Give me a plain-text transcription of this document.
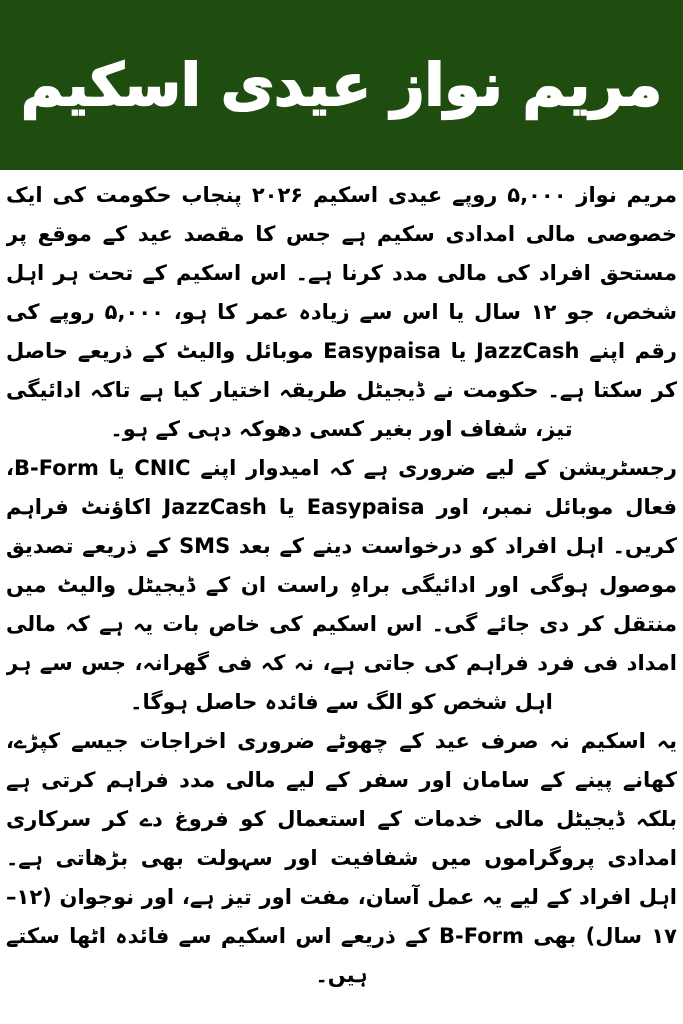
مریم نواز عیدی اسکیم

مریم نواز ۵,۰۰۰ روپے عیدی اسکیم ۲۰۲۶ پنجاب حکومت کی ایک خصوصی مالی امدادی سکیم ہے جس کا مقصد عید کے موقع پر مستحق افراد کی مالی مدد کرنا ہے۔ اس اسکیم کے تحت ہر اہل شخص، جو ۱۲ سال یا اس سے زیادہ عمر کا ہو، ۵,۰۰۰ روپے کی رقم اپنے JazzCash یا Easypaisa موبائل والیٹ کے ذریعے حاصل کر سکتا ہے۔ حکومت نے ڈیجیٹل طریقہ اختیار کیا ہے تاکہ ادائیگی تیز، شفاف اور بغیر کسی دھوکہ دہی کے ہو۔

رجسٹریشن کے لیے ضروری ہے کہ امیدوار اپنے CNIC یا B-Form، فعال موبائل نمبر، اور Easypaisa یا JazzCash اکاؤنٹ فراہم کریں۔ اہل افراد کو درخواست دینے کے بعد SMS کے ذریعے تصدیق موصول ہوگی اور ادائیگی براہِ راست ان کے ڈیجیٹل والیٹ میں منتقل کر دی جائے گی۔ اس اسکیم کی خاص بات یہ ہے کہ مالی امداد فی فرد فراہم کی جاتی ہے، نہ کہ فی گھرانہ، جس سے ہر اہل شخص کو الگ سے فائدہ حاصل ہوگا۔

یہ اسکیم نہ صرف عید کے چھوٹے ضروری اخراجات جیسے کپڑے، کھانے پینے کے سامان اور سفر کے لیے مالی مدد فراہم کرتی ہے بلکہ ڈیجیٹل مالی خدمات کے استعمال کو فروغ دے کر سرکاری امدادی پروگراموں میں شفافیت اور سہولت بھی بڑھاتی ہے۔ اہل افراد کے لیے یہ عمل آسان، مفت اور تیز ہے، اور نوجوان (۱۲–۱۷ سال) بھی B-Form کے ذریعے اس اسکیم سے فائدہ اٹھا سکتے ہیں۔
